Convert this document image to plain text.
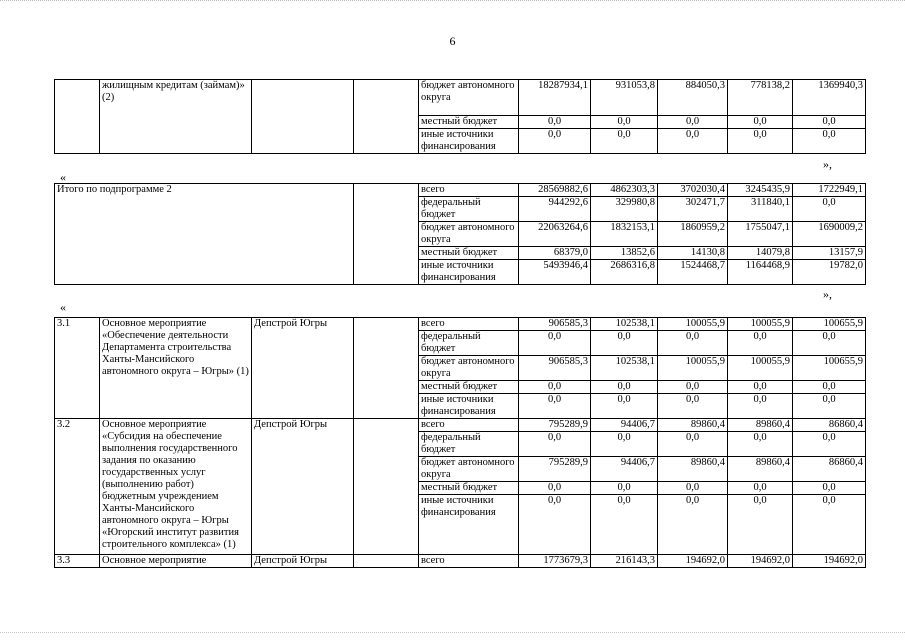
6
	жилищным кредитам (займам)» (2)			бюджет автономного округа	18287934,1	931053,8	884050,3	778138,2	1369940,3	
				местный бюджет	0,0	0,0	0,0	0,0	0,0	
				иные источники финансирования	0,0	0,0	0,0	0,0	0,0	
»,
«
Итого по подпрограмме 2		всего	28569882,6	4862303,3	3702030,4	3245435,9	1722949,1	
		федеральный бюджет	944292,6	329980,8	302471,7	311840,1	0,0	
		бюджет автономного округа	22063264,6	1832153,1	1860959,2	1755047,1	1690009,2	
		местный бюджет	68379,0	13852,6	14130,8	14079,8	13157,9	
		иные источники финансирования	5493946,4	2686316,8	1524468,7	1164468,9	19782,0	
»,
«
3.1	Основное мероприятие «Обеспечение деятельности Департамента строительства Ханты-Мансийского автономного округа – Югры» (1)	Депстрой Югры		всего	906585,3	102538,1	100055,9	100055,9	100655,9	
				федеральный бюджет	0,0	0,0	0,0	0,0	0,0	
				бюджет автономного округа	906585,3	102538,1	100055,9	100055,9	100655,9	
				местный бюджет	0,0	0,0	0,0	0,0	0,0	
				иные источники финансирования	0,0	0,0	0,0	0,0	0,0	
3.2	Основное мероприятие «Субсидия на обеспечение выполнения государственного задания по оказанию государственных услуг (выполнению работ) бюджетным учреждением Ханты-Мансийского автономного округа – Югры «Югорский институт развития строительного комплекса» (1)	Депстрой Югры		всего	795289,9	94406,7	89860,4	89860,4	86860,4	
				федеральный бюджет	0,0	0,0	0,0	0,0	0,0	
				бюджет автономного округа	795289,9	94406,7	89860,4	89860,4	86860,4	
				местный бюджет	0,0	0,0	0,0	0,0	0,0	
				иные источники финансирования	0,0	0,0	0,0	0,0	0,0	
3.3	Основное мероприятие	Депстрой Югры		всего	1773679,3	216143,3	194692,0	194692,0	194692,0	
